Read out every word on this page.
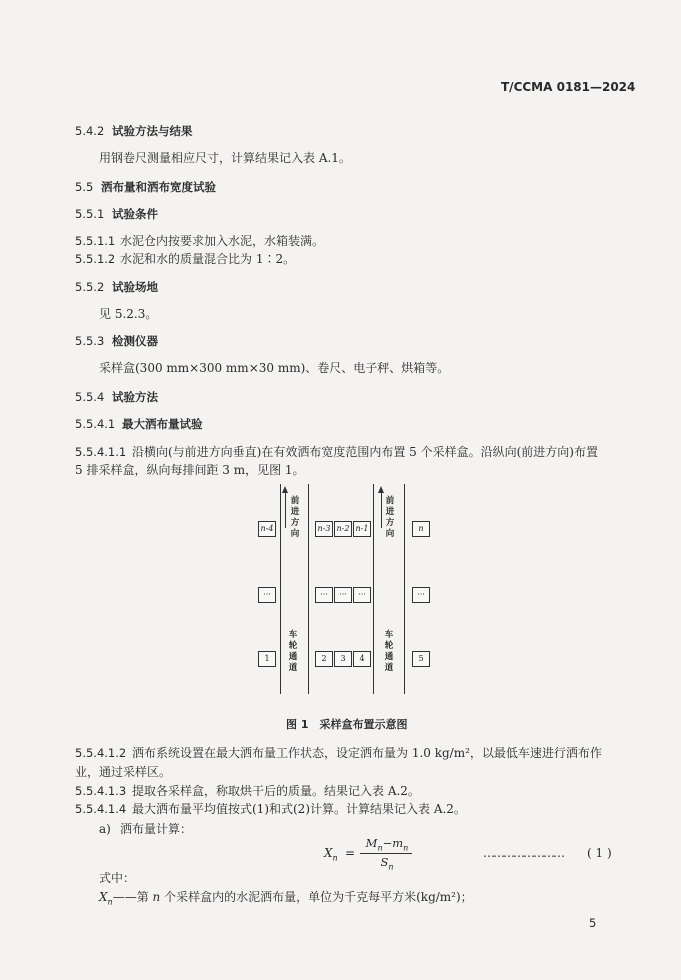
T/CCMA 0181—2024
5.4.2 试验方法与结果
用钢卷尺测量相应尺寸，计算结果记入表 A.1。
5.5 洒布量和洒布宽度试验
5.5.1 试验条件
5.5.1.1 水泥仓内按要求加入水泥，水箱装满。
5.5.1.2 水泥和水的质量混合比为 1∶2。
5.5.2 试验场地
见 5.2.3。
5.5.3 检测仪器
采样盒(300 mm×300 mm×30 mm)、卷尺、电子秤、烘箱等。
5.5.4 试验方法
5.5.4.1 最大洒布量试验
5.5.4.1.1 沿横向(与前进方向垂直)在有效洒布宽度范围内布置 5 个采样盒。沿纵向(前进方向)布置
5 排采样盒，纵向每排间距 3 m，见图 1。
前
进
方
向
前
进
方
向
车
轮
通
道
车
轮
通
道
n-4	n-3 n-2 n-1	n
···	···	···	···	···
1	2	3	4	5
图 1　采样盒布置示意图
5.5.4.1.2 洒布系统设置在最大洒布量工作状态，设定洒布量为 1.0 kg/m²，以最低车速进行洒布作
业，通过采样区。
5.5.4.1.3 提取各采样盒，称取烘干后的质量。结果记入表 A.2。
5.5.4.1.4 最大洒布量平均值按式(1)和式(2)计算。计算结果记入表 A.2。
a) 洒布量计算：
$X_n$ =
$M_n-m_n$
$S_n$
…………………… ( 1 )
式中：
$X_n——$第 n 个采样盒内的水泥洒布量，单位为千克每平方米(kg/m²)；
5
